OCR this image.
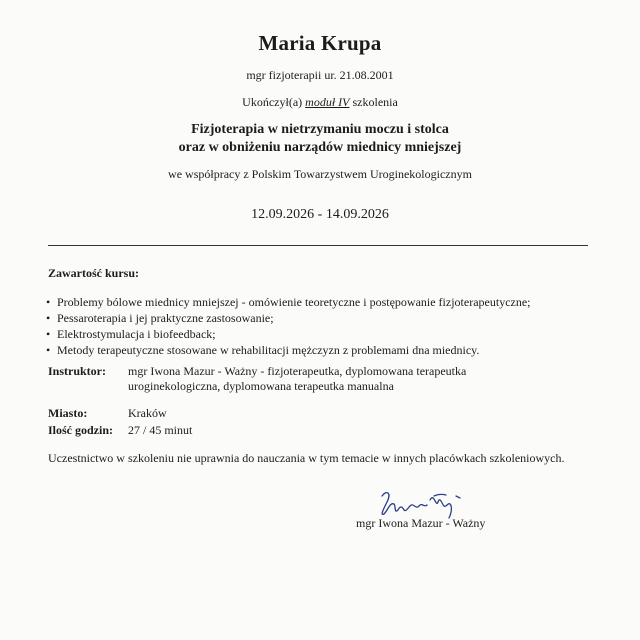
Maria Krupa
mgr fizjoterapii ur. 21.08.2001
Ukończył(a) moduł IV szkolenia
Fizjoterapia w nietrzymaniu moczu i stolca
oraz w obniżeniu narządów miednicy mniejszej
we współpracy z Polskim Towarzystwem Uroginekologicznym
12.09.2026 - 14.09.2026
Zawartość kursu:
• Problemy bólowe miednicy mniejszej - omówienie teoretyczne i postępowanie fizjoterapeutyczne;
• Pessaroterapia i jej praktyczne zastosowanie;
• Elektrostymulacja i biofeedback;
• Metody terapeutyczne stosowane w rehabilitacji mężczyzn z problemami dna miednicy.
Instruktor: mgr Iwona Mazur - Ważny - fizjoterapeutka, dyplomowana terapeutka
uroginekologiczna, dyplomowana terapeutka manualna
Miasto:	Kraków
Ilość godzin: 27 / 45 minut
Uczestnictwo w szkoleniu nie uprawnia do nauczania w tym temacie w innych placówkach szkoleniowych.
mgr Iwona Mazur - Ważny
